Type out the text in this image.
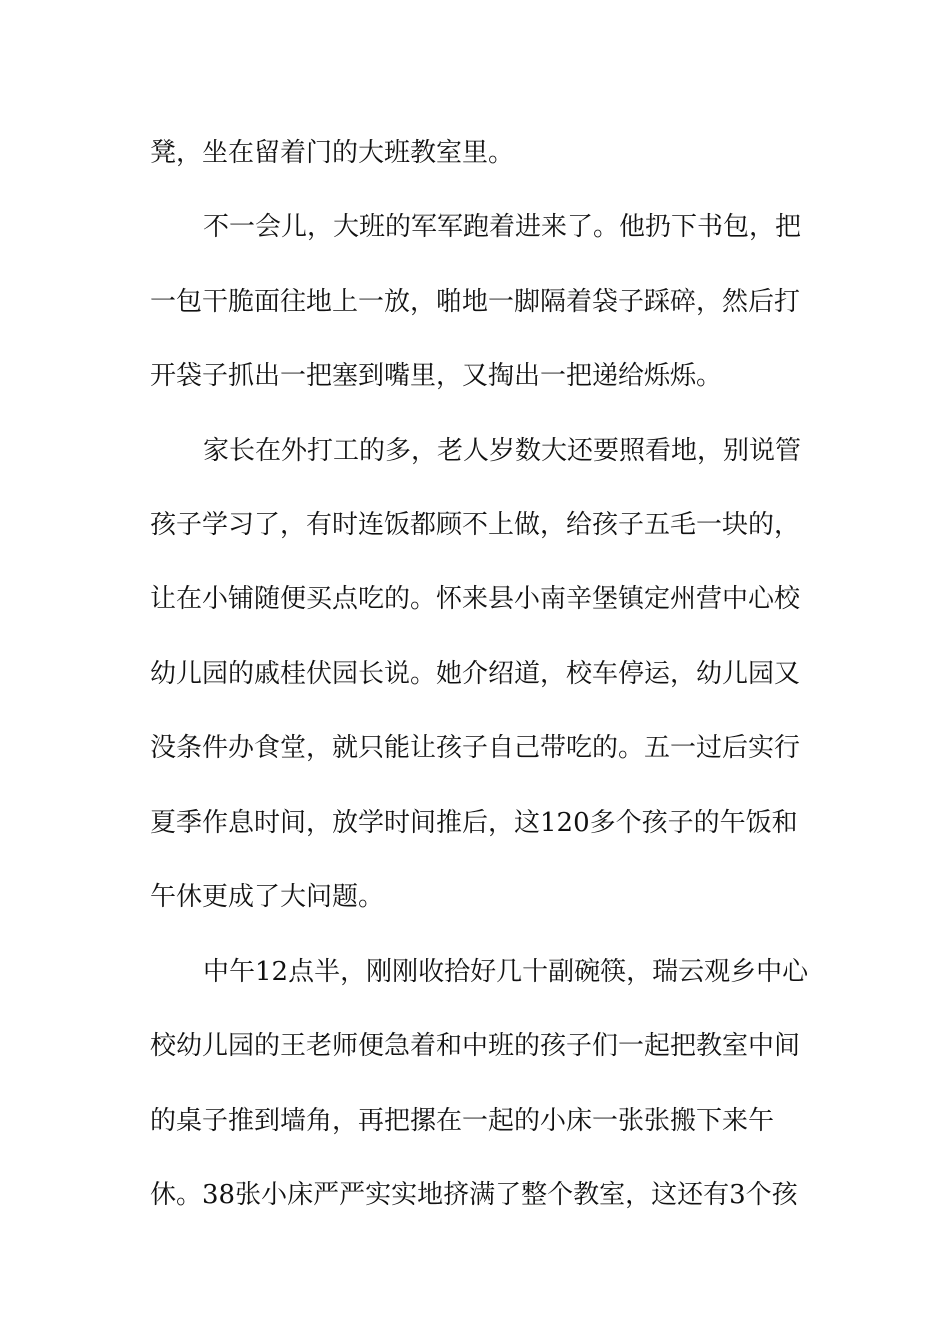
凳，坐在留着门的大班教室里。

不一会儿，大班的军军跑着进来了。他扔下书包，把

一包干脆面往地上一放，啪地一脚隔着袋子踩碎，然后打

开袋子抓出一把塞到嘴里，又掏出一把递给烁烁。

家长在外打工的多，老人岁数大还要照看地，别说管

孩子学习了，有时连饭都顾不上做，给孩子五毛一块的，

让在小铺随便买点吃的。怀来县小南辛堡镇定州营中心校

幼儿园的戚桂伏园长说。她介绍道，校车停运，幼儿园又

没条件办食堂，就只能让孩子自己带吃的。五一过后实行

夏季作息时间，放学时间推后，这120多个孩子的午饭和

午休更成了大问题。

中午12点半，刚刚收拾好几十副碗筷，瑞云观乡中心

校幼儿园的王老师便急着和中班的孩子们一起把教室中间

的桌子推到墙角，再把摞在一起的小床一张张搬下来午

休。38张小床严严实实地挤满了整个教室，这还有3个孩
